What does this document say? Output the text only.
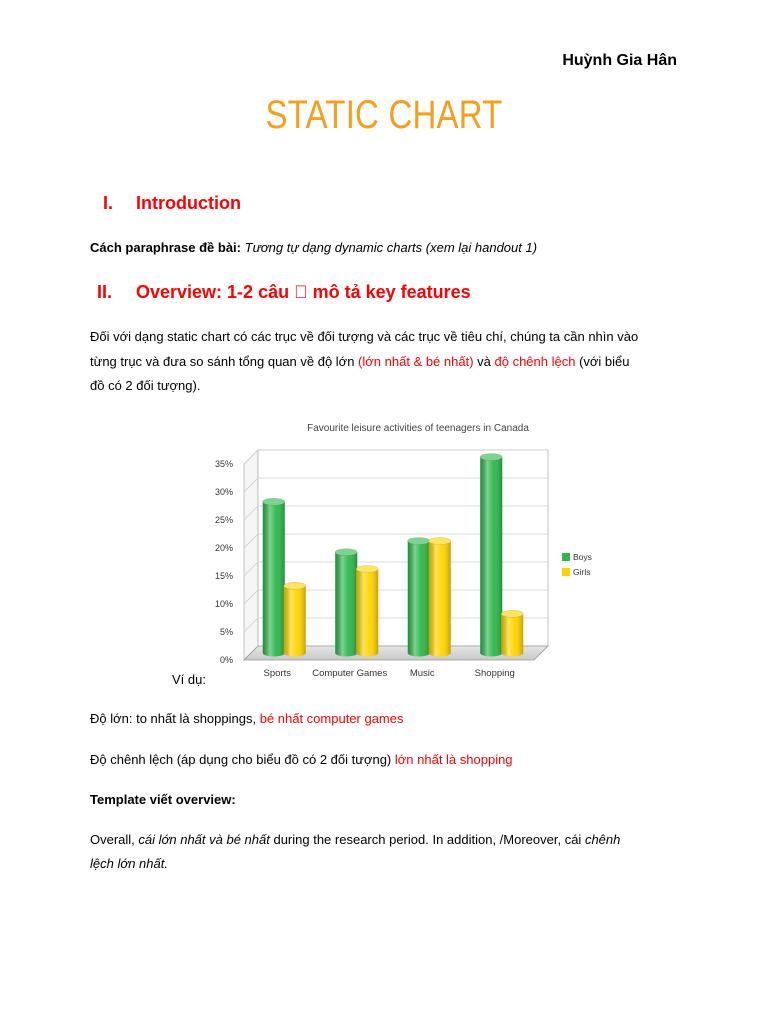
Huỳnh Gia Hân
STATIC CHART
I. Introduction

Cách paraphrase đề bài: Tương tự dạng dynamic charts (xem lại handout 1)

II. Overview: 1-2 câu mô tả key features

Đối với dạng static chart có các trục về đối tượng và các trục về tiêu chí, chúng ta cần nhìn vào

từng trục và đưa so sánh tổng quan về độ lớn (lớn nhất & bé nhất) và độ chênh lệch (với biểu

đồ có 2 đối tượng).

Favourite leisure activities of teenagers in Canada
0%
5%
10%
15%
20%
25%
30%
35%
Sports Computer Games Music	Shopping
Boys
Girls

Ví dụ:

Độ lớn: to nhất là shoppings, bé nhất computer games

Độ chênh lệch (áp dụng cho biểu đồ có 2 đối tượng) lớn nhất là shopping

Template viết overview:

Overall, cái lớn nhất và bé nhất during the research period. In addition, /Moreover, cái chênh

lệch lớn nhất.
